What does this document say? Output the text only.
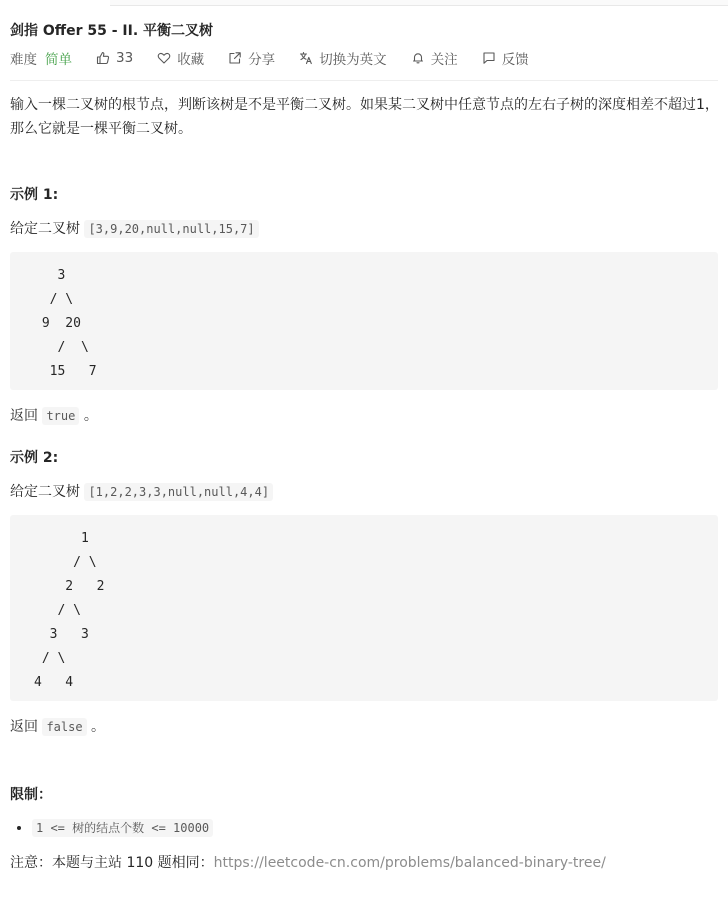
剑指 Offer 55 - II. 平衡二叉树
难度 简单	33	收藏	分享	切换为英文	关注	反馈
输入一棵二叉树的根节点，判断该树是不是平衡二叉树。如果某二叉树中任意节点的左右子树的深度相差不超过1，那么它就是一棵平衡二叉树。
示例 1:
给定二叉树 [3,9,20,null,null,15,7]
3
/ \
9  20
/  \
15   7
返回 true 。
示例 2:
给定二叉树 [1,2,2,3,3,null,null,4,4]
1
/ \
2   2
/ \
3   3
/ \
4   4
返回 false 。
限制：
• 1 <= 树的结点个数 <= 10000
注意：本题与主站 110 题相同：https://leetcode-cn.com/problems/balanced-binary-tree/
